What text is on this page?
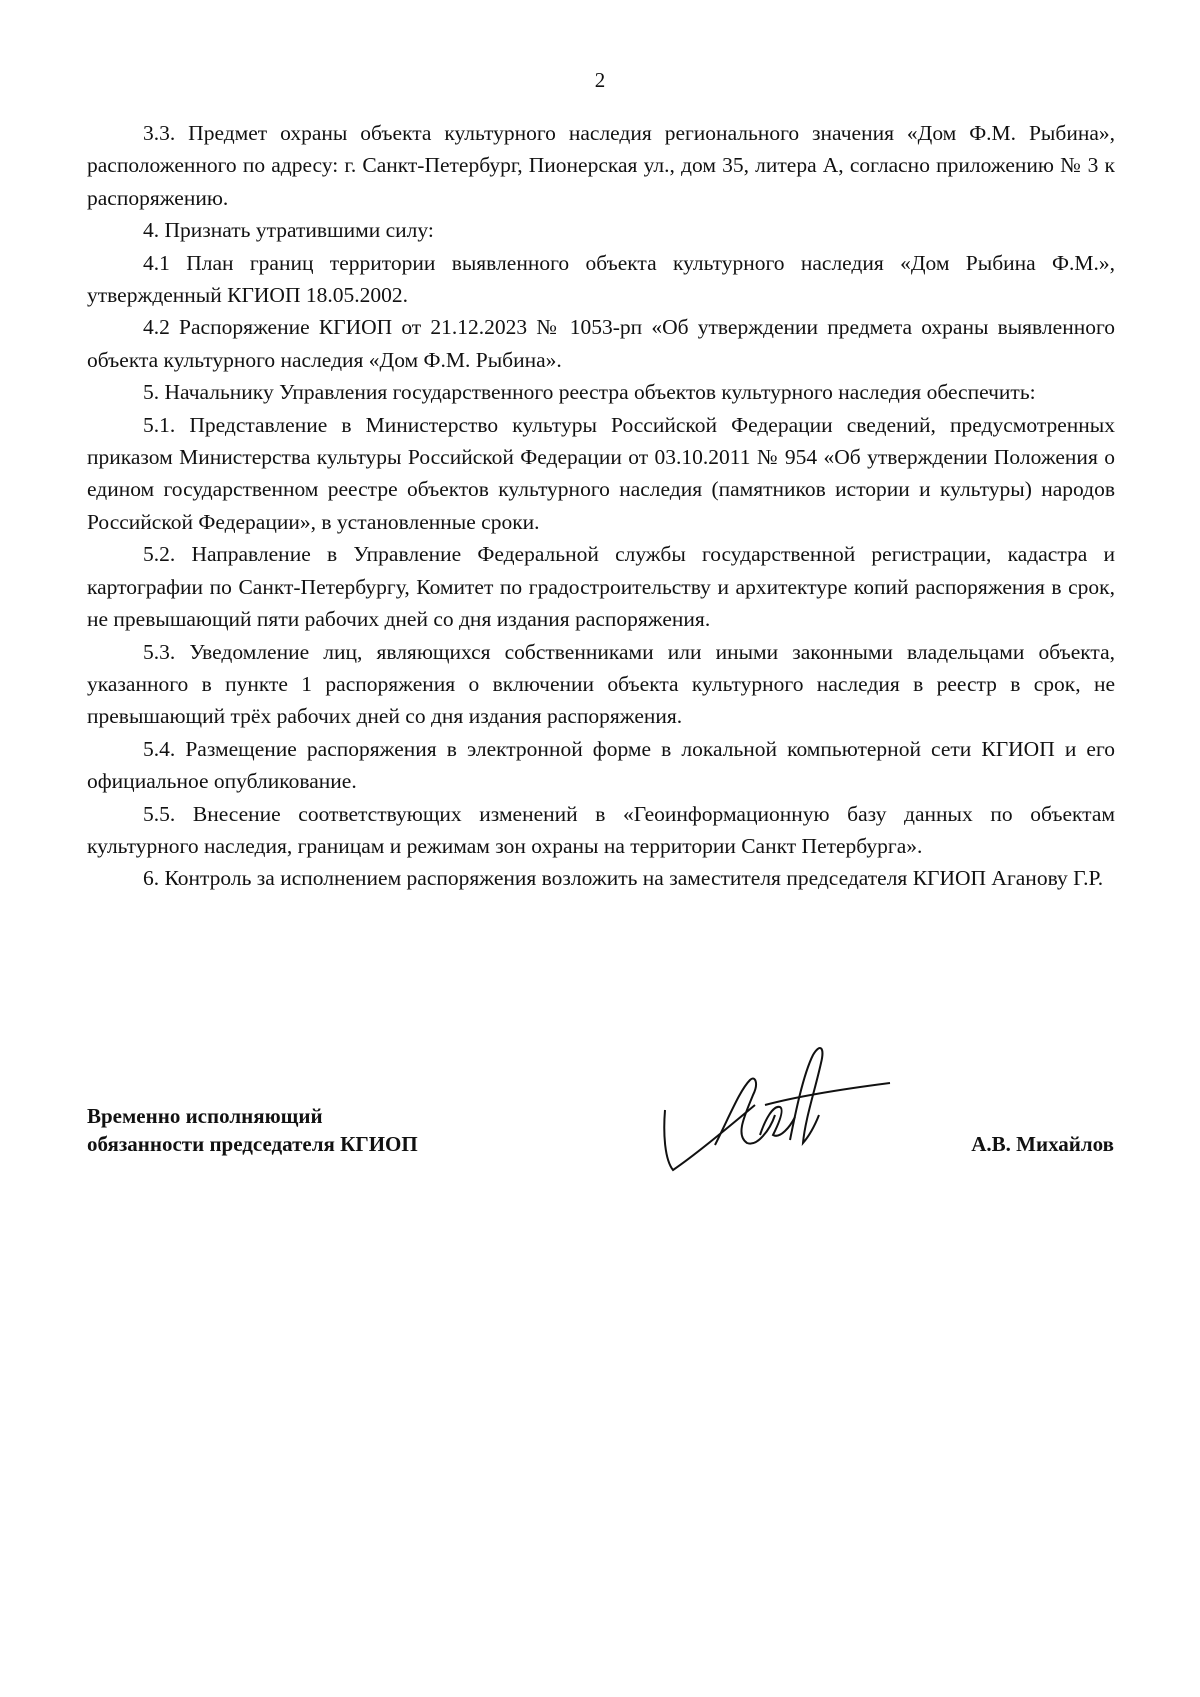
2

3.3. Предмет охраны объекта культурного наследия регионального значения «Дом Ф.М. Рыбина», расположенного по адресу: г. Санкт-Петербург, Пионерская ул., дом 35, литера А, согласно приложению № 3 к распоряжению.

4. Признать утратившими силу:

4.1 План границ территории выявленного объекта культурного наследия «Дом Рыбина Ф.М.», утвержденный КГИОП 18.05.2002.

4.2 Распоряжение КГИОП от 21.12.2023 № 1053-рп «Об утверждении предмета охраны выявленного объекта культурного наследия «Дом Ф.М. Рыбина».

5. Начальнику Управления государственного реестра объектов культурного наследия обеспечить:

5.1. Представление в Министерство культуры Российской Федерации сведений, предусмотренных приказом Министерства культуры Российской Федерации от 03.10.2011 № 954 «Об утверждении Положения о едином государственном реестре объектов культурного наследия (памятников истории и культуры) народов Российской Федерации», в установленные сроки.

5.2. Направление в Управление Федеральной службы государственной регистрации, кадастра и картографии по Санкт-Петербургу, Комитет по градостроительству и архитектуре копий распоряжения в срок, не превышающий пяти рабочих дней со дня издания распоряжения.

5.3. Уведомление лиц, являющихся собственниками или иными законными владельцами объекта, указанного в пункте 1 распоряжения о включении объекта культурного наследия в реестр в срок, не превышающий трёх рабочих дней со дня издания распоряжения.

5.4. Размещение распоряжения в электронной форме в локальной компьютерной сети КГИОП и его официальное опубликование.

5.5. Внесение соответствующих изменений в «Геоинформационную базу данных по объектам культурного наследия, границам и режимам зон охраны на территории Санкт Петербурга».

6. Контроль за исполнением распоряжения возложить на заместителя председателя КГИОП Аганову Г.Р.

Временно исполняющий
обязанности председателя КГИОП	А.В. Михайлов
